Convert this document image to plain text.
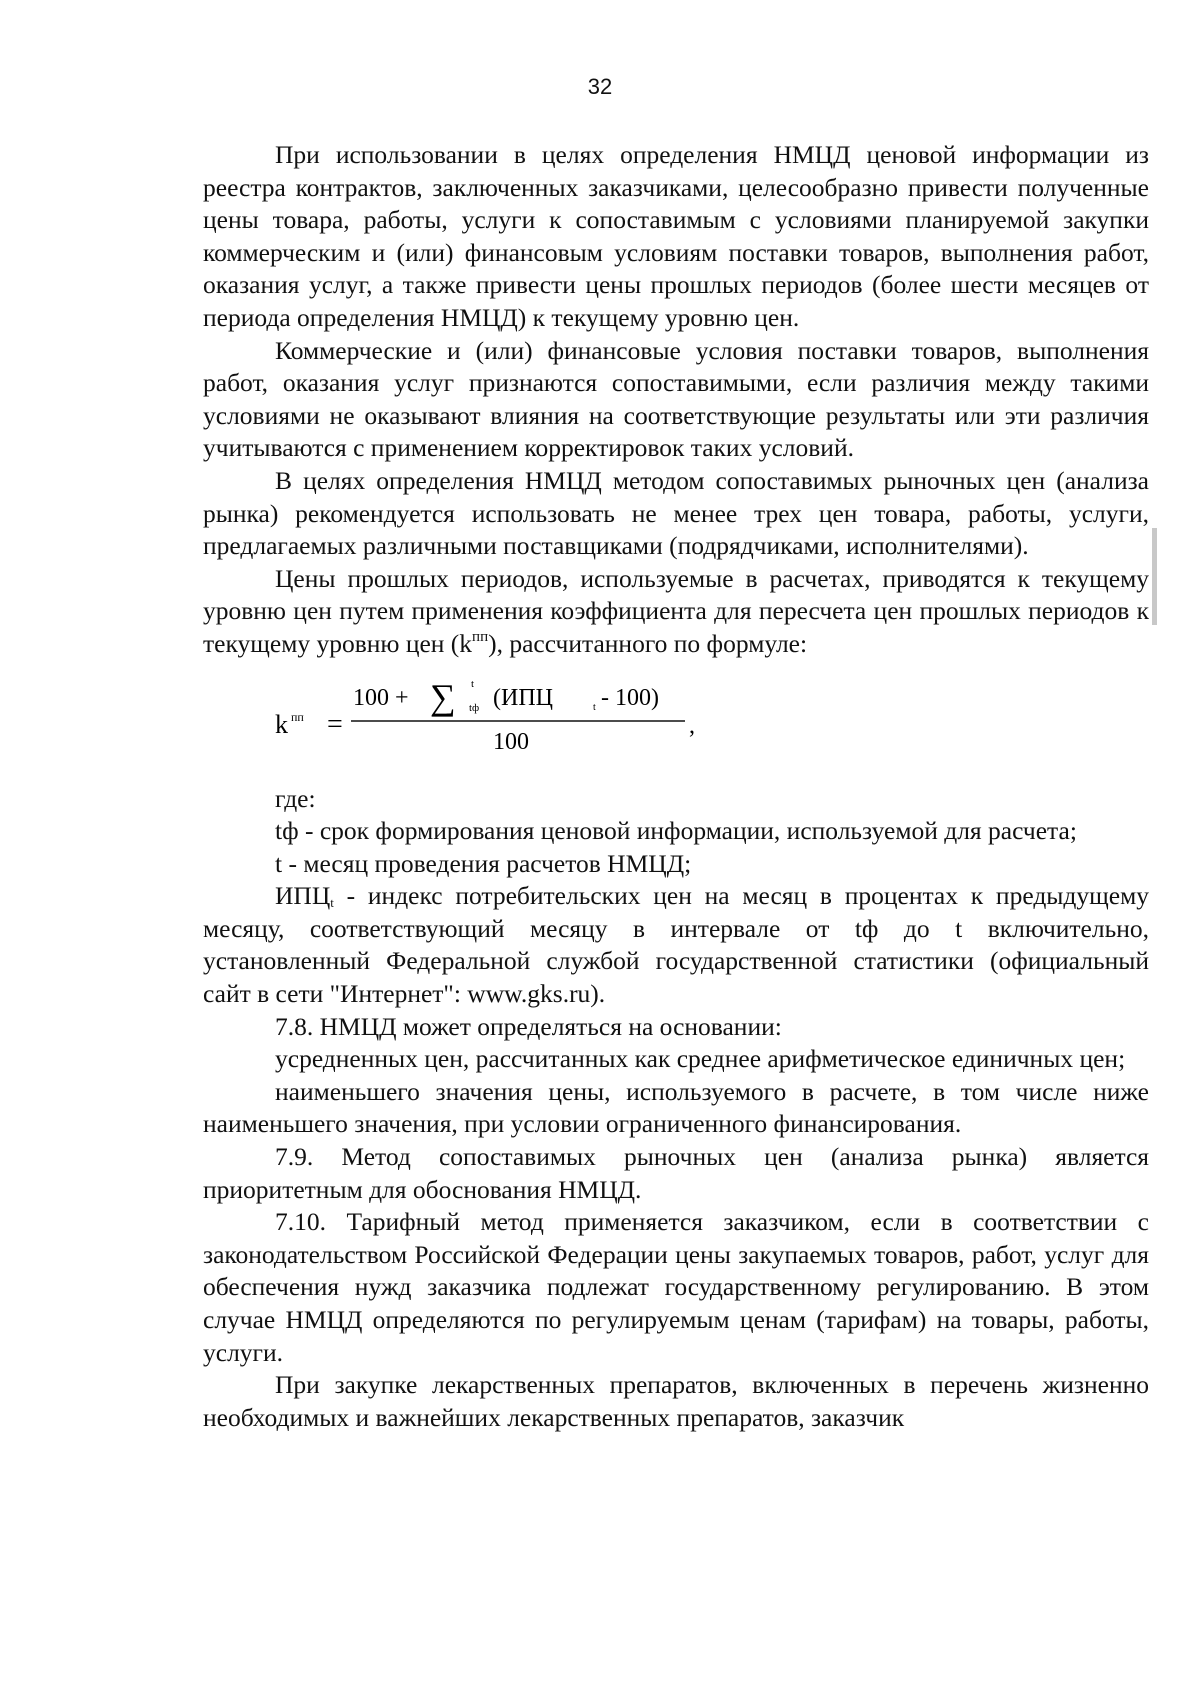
32

При использовании в целях определения НМЦД ценовой информации из реестра контрактов, заключенных заказчиками, целесообразно привести полученные цены товара, работы, услуги к сопоставимым с условиями планируемой закупки коммерческим и (или) финансовым условиям поставки товаров, выполнения работ, оказания услуг, а также привести цены прошлых периодов (более шести месяцев от периода определения НМЦД) к текущему уровню цен.

Коммерческие и (или) финансовые условия поставки товаров, выполнения работ, оказания услуг признаются сопоставимыми, если различия между такими условиями не оказывают влияния на соответствующие результаты или эти различия учитываются с применением корректировок таких условий.

В целях определения НМЦД методом сопоставимых рыночных цен (анализа рынка) рекомендуется использовать не менее трех цен товара, работы, услуги, предлагаемых различными поставщиками (подрядчиками, исполнителями).

Цены прошлых периодов, используемые в расчетах, приводятся к текущему уровню цен путем применения коэффициента для пересчета цен прошлых периодов к текущему уровню цен $(k^{пп})$, рассчитанного по формуле:

k пп =
100 + ∑ t
tф (ИПЦ	t - 100)
100
,

где:

tф - срок формирования ценовой информации, используемой для расчета;

t - месяц проведения расчетов НМЦД;

$ИПЦ_t$ - индекс потребительских цен на месяц в процентах к предыдущему месяцу, соответствующий месяцу в интервале от tф до t включительно, установленный Федеральной службой государственной статистики (официальный сайт в сети "Интернет": www.gks.ru).

7.8. НМЦД может определяться на основании:

усредненных цен, рассчитанных как среднее арифметическое единичных цен;

наименьшего значения цены, используемого в расчете, в том числе ниже наименьшего значения, при условии ограниченного финансирования.

7.9. Метод сопоставимых рыночных цен (анализа рынка) является приоритетным для обоснования НМЦД.

7.10. Тарифный метод применяется заказчиком, если в соответствии с законодательством Российской Федерации цены закупаемых товаров, работ, услуг для обеспечения нужд заказчика подлежат государственному регулированию. В этом случае НМЦД определяются по регулируемым ценам (тарифам) на товары, работы, услуги.

При закупке лекарственных препаратов, включенных в перечень жизненно необходимых и важнейших лекарственных препаратов, заказчик
